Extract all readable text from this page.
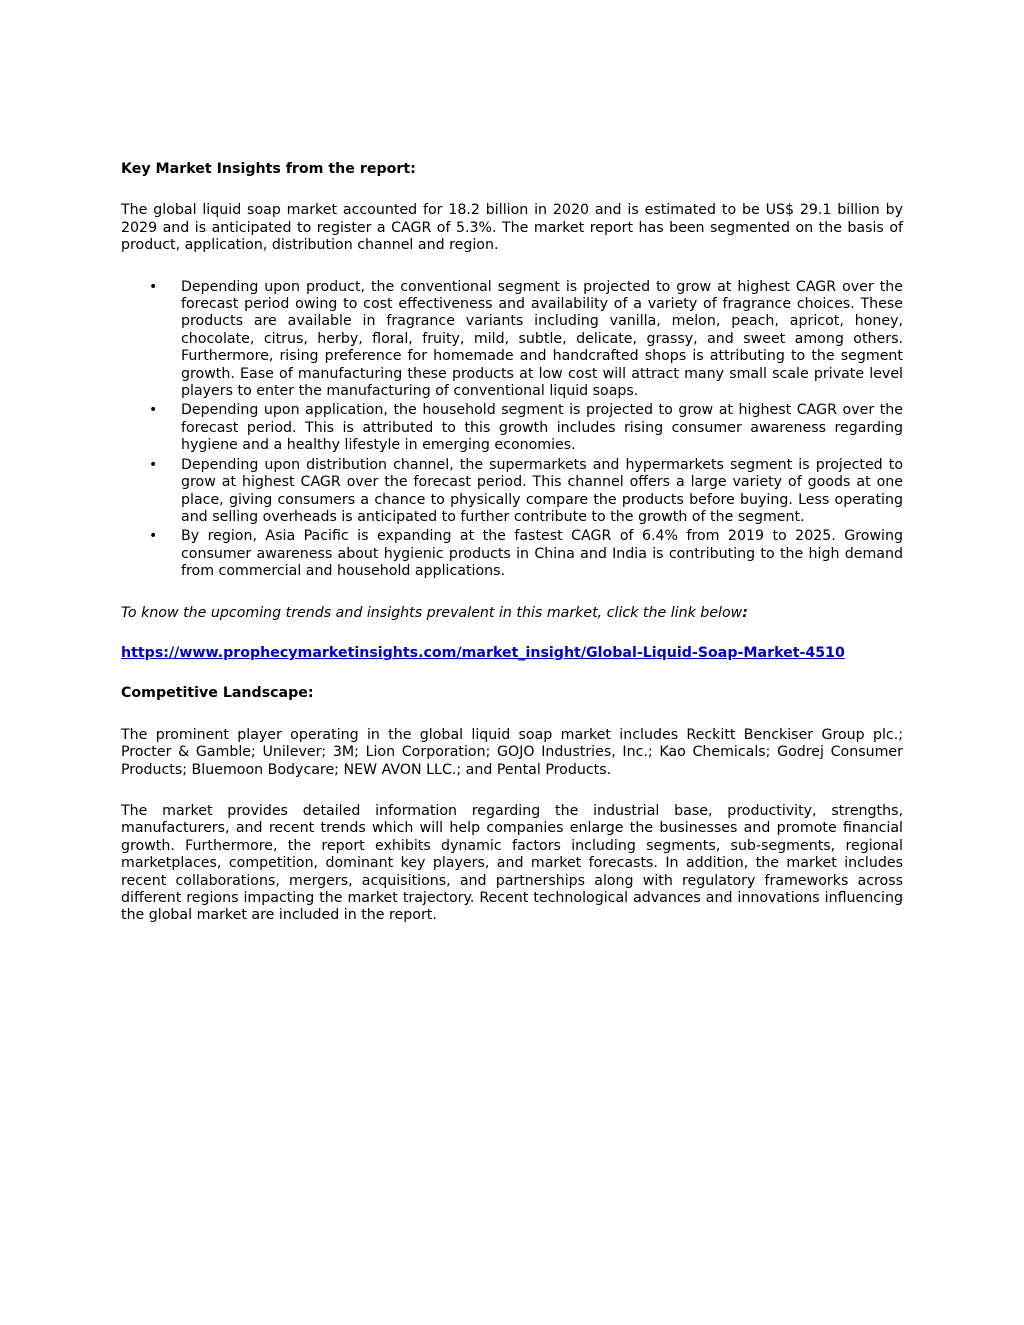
Key Market Insights from the report:

The global liquid soap market accounted for 18.2 billion in 2020 and is estimated to be US$ 29.1 billion by 2029 and is anticipated to register a CAGR of 5.3%. The market report has been segmented on the basis of product, application, distribution channel and region.

• Depending upon product, the conventional segment is projected to grow at highest CAGR over the forecast period owing to cost effectiveness and availability of a variety of fragrance choices. These products are available in fragrance variants including vanilla, melon, peach, apricot, honey, chocolate, citrus, herby, floral, fruity, mild, subtle, delicate, grassy, and sweet among others. Furthermore, rising preference for homemade and handcrafted shops is attributing to the segment growth. Ease of manufacturing these products at low cost will attract many small scale private level players to enter the manufacturing of conventional liquid soaps.
• Depending upon application, the household segment is projected to grow at highest CAGR over the forecast period. This is attributed to this growth includes rising consumer awareness regarding hygiene and a healthy lifestyle in emerging economies.
• Depending upon distribution channel, the supermarkets and hypermarkets segment is projected to grow at highest CAGR over the forecast period. This channel offers a large variety of goods at one place, giving consumers a chance to physically compare the products before buying. Less operating and selling overheads is anticipated to further contribute to the growth of the segment.
• By region, Asia Pacific is expanding at the fastest CAGR of 6.4% from 2019 to 2025. Growing consumer awareness about hygienic products in China and India is contributing to the high demand from commercial and household applications.

To know the upcoming trends and insights prevalent in this market, click the link below:

https://www.prophecymarketinsights.com/market_insight/Global-Liquid-Soap-Market-4510

Competitive Landscape:

The prominent player operating in the global liquid soap market includes Reckitt Benckiser Group plc.; Procter & Gamble; Unilever; 3M; Lion Corporation; GOJO Industries, Inc.; Kao Chemicals; Godrej Consumer Products; Bluemoon Bodycare; NEW AVON LLC.; and Pental Products.

The market provides detailed information regarding the industrial base, productivity, strengths, manufacturers, and recent trends which will help companies enlarge the businesses and promote financial growth. Furthermore, the report exhibits dynamic factors including segments, sub-segments, regional marketplaces, competition, dominant key players, and market forecasts. In addition, the market includes recent collaborations, mergers, acquisitions, and partnerships along with regulatory frameworks across different regions impacting the market trajectory. Recent technological advances and innovations influencing the global market are included in the report.
